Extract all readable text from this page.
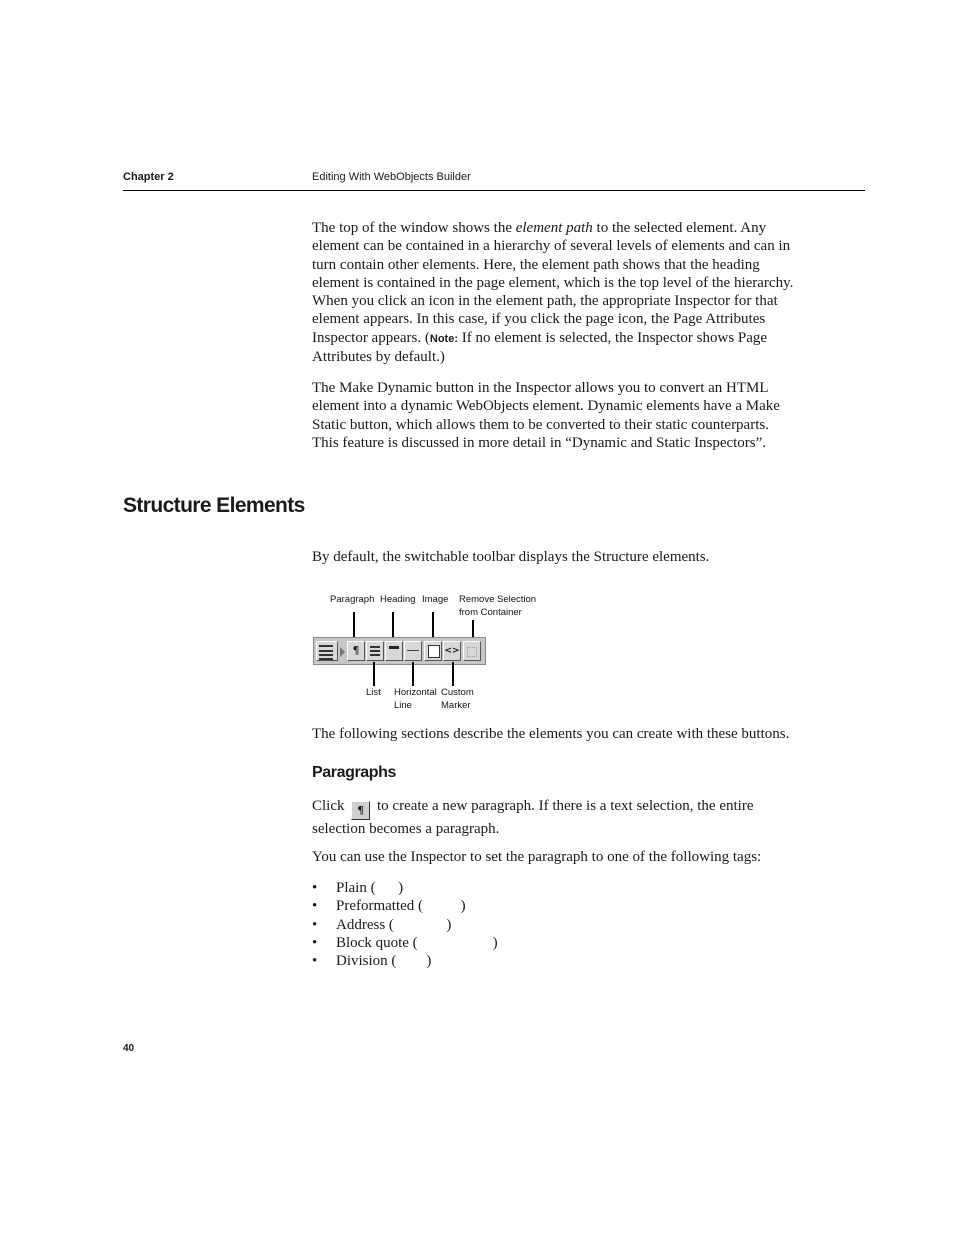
Chapter 2	Editing With WebObjects Builder
The top of the window shows the element path to the selected element. Any element can be contained in a hierarchy of several levels of elements and can in turn contain other elements. Here, the element path shows that the heading element is contained in the page element, which is the top level of the hierarchy. When you click an icon in the element path, the appropriate Inspector for that element appears. In this case, if you click the page icon, the Page Attributes Inspector appears. (Note: If no element is selected, the Inspector shows Page Attributes by default.)
The Make Dynamic button in the Inspector allows you to convert an HTML element into a dynamic WebObjects element. Dynamic elements have a Make Static button, which allows them to be converted to their static counterparts. This feature is discussed in more detail in “Dynamic and Static Inspectors”.
Structure Elements
By default, the switchable toolbar displays the Structure elements.
Paragraph Heading Image Remove Selection
from Container
¶	<>
List Horizontal
Line
Custom
Marker
The following sections describe the elements you can create with these buttons.
Paragraphs
Click ¶ to create a new paragraph. If there is a text selection, the entire selection becomes a paragraph.
You can use the Inspector to set the paragraph to one of the following tags:
• Plain ( )
• Preformatted (	)
• Address (	)
• Block quote (	)
• Division ( )
40
